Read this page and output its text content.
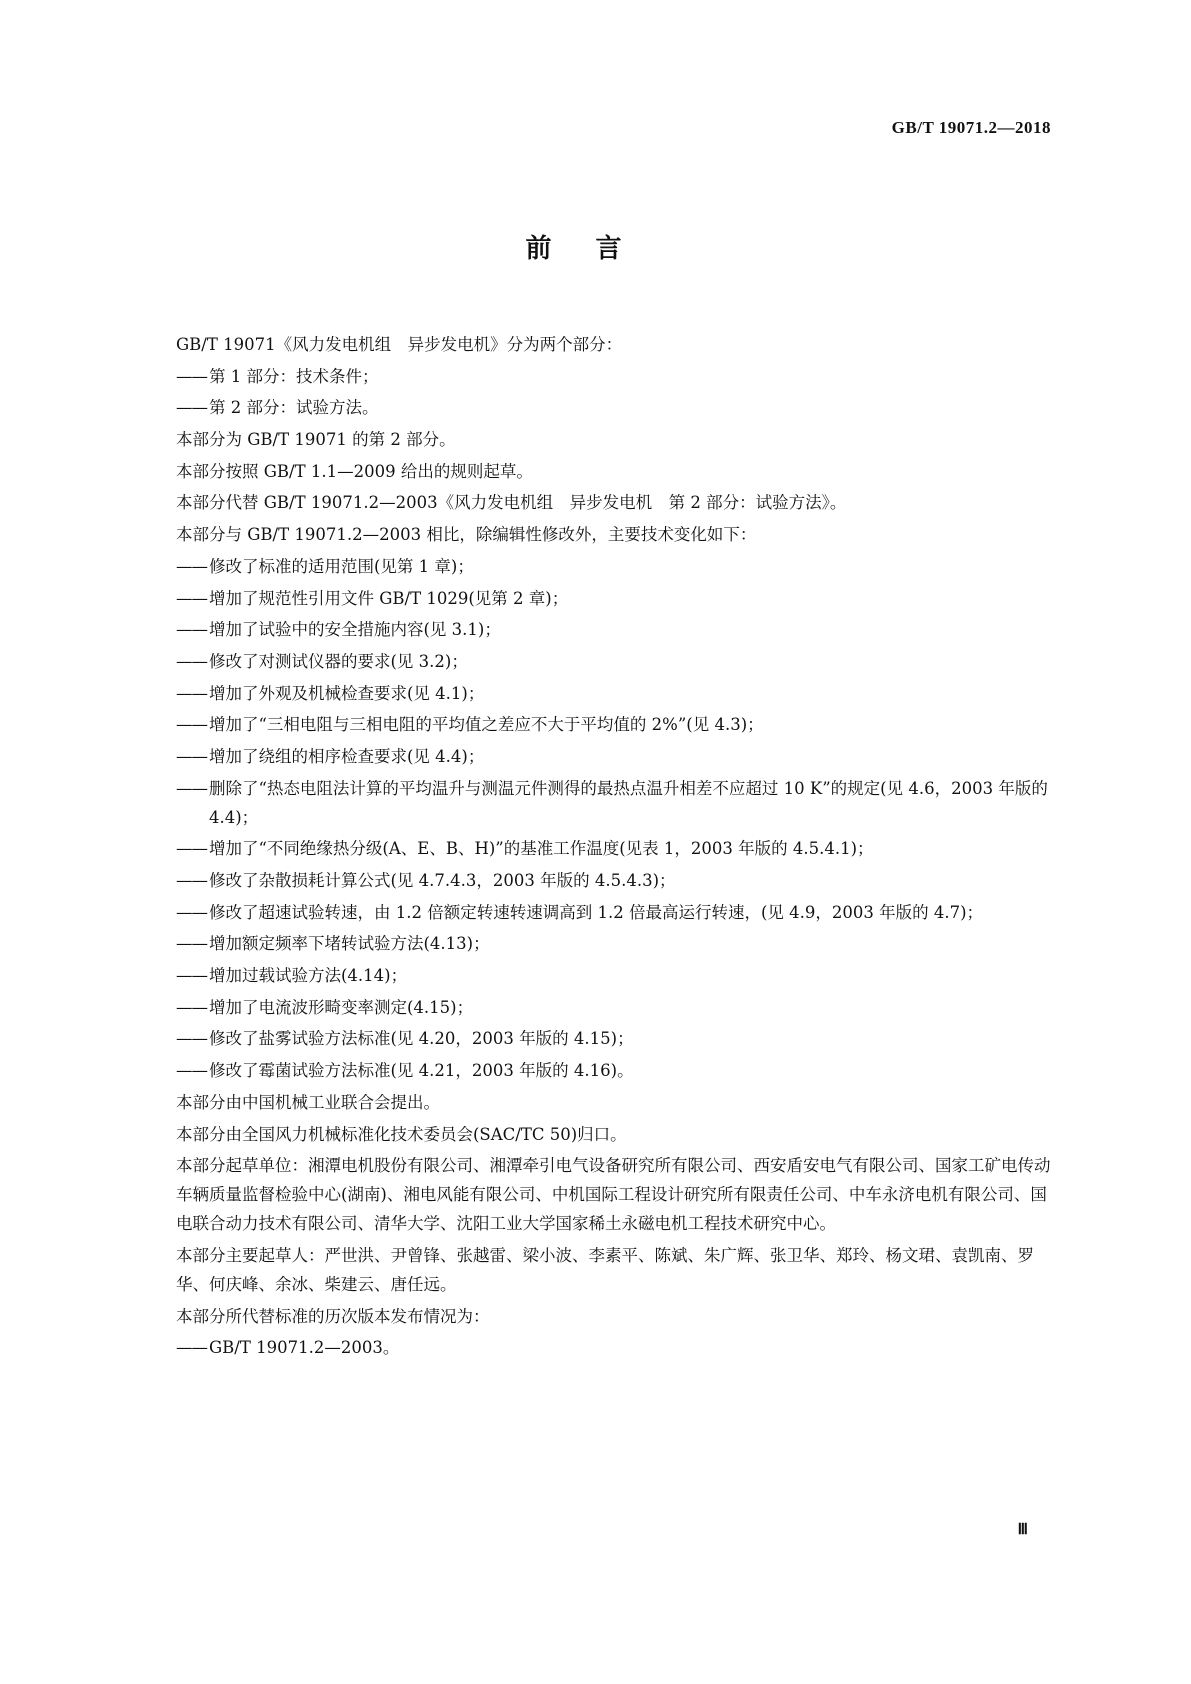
GB/T 19071.2—2018
前言
GB/T 19071《风力发电机组　异步发电机》分为两个部分：
—— 第 1 部分：技术条件；
—— 第 2 部分：试验方法。
本部分为 GB/T 19071 的第 2 部分。
本部分按照 GB/T 1.1—2009 给出的规则起草。
本部分代替 GB/T 19071.2—2003《风力发电机组　异步发电机　第 2 部分：试验方法》。
本部分与 GB/T 19071.2—2003 相比，除编辑性修改外，主要技术变化如下：
—— 修改了标准的适用范围(见第 1 章)；
—— 增加了规范性引用文件 GB/T 1029(见第 2 章)；
—— 增加了试验中的安全措施内容(见 3.1)；
—— 修改了对测试仪器的要求(见 3.2)；
—— 增加了外观及机械检查要求(见 4.1)；
—— 增加了“三相电阻与三相电阻的平均值之差应不大于平均值的 2%”(见 4.3)；
—— 增加了绕组的相序检查要求(见 4.4)；
—— 删除了“热态电阻法计算的平均温升与测温元件测得的最热点温升相差不应超过 10 K”的规定(见 4.6，2003 年版的 4.4)；
—— 增加了“不同绝缘热分级(A、E、B、H)”的基准工作温度(见表 1，2003 年版的 4.5.4.1)；
—— 修改了杂散损耗计算公式(见 4.7.4.3，2003 年版的 4.5.4.3)；
—— 修改了超速试验转速，由 1.2 倍额定转速转速调高到 1.2 倍最高运行转速，(见 4.9，2003 年版的 4.7)；
—— 增加额定频率下堵转试验方法(4.13)；
—— 增加过载试验方法(4.14)；
—— 增加了电流波形畸变率测定(4.15)；
—— 修改了盐雾试验方法标准(见 4.20，2003 年版的 4.15)；
—— 修改了霉菌试验方法标准(见 4.21，2003 年版的 4.16)。
本部分由中国机械工业联合会提出。
本部分由全国风力机械标准化技术委员会(SAC/TC 50)归口。
本部分起草单位：湘潭电机股份有限公司、湘潭牵引电气设备研究所有限公司、西安盾安电气有限公司、国家工矿电传动车辆质量监督检验中心(湖南)、湘电风能有限公司、中机国际工程设计研究所有限责任公司、中车永济电机有限公司、国电联合动力技术有限公司、清华大学、沈阳工业大学国家稀土永磁电机工程技术研究中心。
本部分主要起草人：严世洪、尹曾锋、张越雷、梁小波、李素平、陈斌、朱广辉、张卫华、郑玲、杨文珺、袁凯南、罗华、何庆峰、余冰、柴建云、唐任远。
本部分所代替标准的历次版本发布情况为：
—— GB/T 19071.2—2003。
Ⅲ
